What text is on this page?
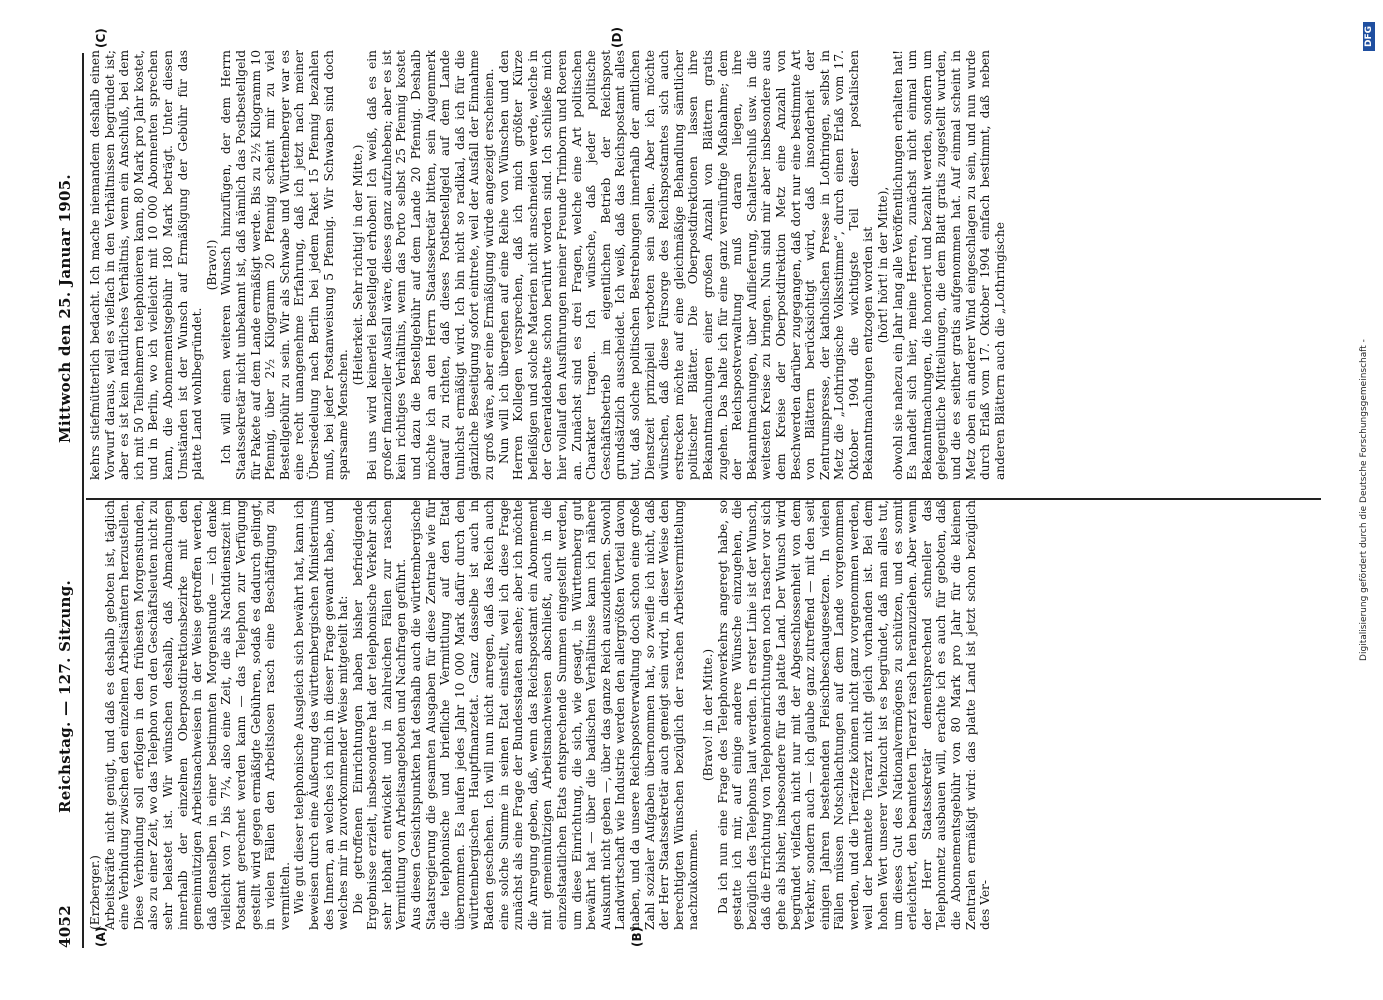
4052
Reichstag. — 127. Sitzung.
Mittwoch den 25. Januar 1905.
(A)	(B)
(C)	(D)

(Erzberger.) Arbeitskräfte nicht genügt, und daß es deshalb geboten ist, täglich eine Verbindung zwischen den einzelnen Arbeitsämtern herzustellen. Diese Verbindung soll erfolgen in den frühesten Morgenstunden, also zu einer Zeit, wo das Telephon von den Geschäftsleuten nicht zu sehr belastet ist. Wir wünschen deshalb, daß Abmachungen innerhalb der einzelnen Oberpostdirektionsbezirke mit den gemeinnützigen Arbeitsnachweisen in der Weise getroffen werden, daß denselben in einer bestimmten Morgenstunde — ich denke vielleicht von 7 bis 7¼, also eine Zeit, die als Nachtdienstzeit im Postamt gerechnet werden kann — das Telephon zur Verfügung gestellt wird gegen ermäßigte Gebühren, sodaß es dadurch gelingt, in vielen Fällen den Arbeitslosen rasch eine Beschäftigung zu vermitteln. Wie gut dieser telephonische Ausgleich sich bewährt hat, kann ich beweisen durch eine Äußerung des württembergischen Ministeriums des Innern, an welches ich mich in dieser Frage gewandt habe, und welches mir in zuvorkommender Weise mitgeteilt hat: Die getroffenen Einrichtungen haben bisher befriedigende Ergebnisse erzielt, insbesondere hat der telephonische Verkehr sich sehr lebhaft entwickelt und in zahlreichen Fällen zur raschen Vermittlung von Arbeitsangeboten und Nachfragen geführt. Aus diesen Gesichtspunkten hat deshalb auch die württembergische Staatsregierung die gesamten Ausgaben für diese Zentrale wie für die telephonische und briefliche Vermittlung auf den Etat übernommen. Es laufen jedes Jahr 10 000 Mark dafür durch den württembergischen Hauptfinanzetat. Ganz dasselbe ist auch in Baden geschehen. Ich will nun nicht anregen, daß das Reich auch eine solche Summe in seinen Etat einstellt, weil ich diese Frage zunächst als eine Frage der Bundesstaaten ansehe; aber ich möchte die Anregung geben, daß, wenn das Reichspostamt ein Abonnement mit gemeinnützigen Arbeitsnachweisen abschließt, auch in die einzelstaatlichen Etats entsprechende Summen eingestellt werden, um diese Einrichtung, die sich, wie gesagt, in Württemberg gut bewährt hat — über die badischen Verhältnisse kann ich nähere Auskunft nicht geben —, über das ganze Reich auszudehnen. Sowohl Landwirtschaft wie Industrie werden den allergrößten Vorteil davon haben, und da unsere Reichspostverwaltung doch schon eine große Zahl sozialer Aufgaben übernommen hat, so zweifle ich nicht, daß der Herr Staatssekretär auch geneigt sein wird, in dieser Weise den berechtigten Wünschen bezüglich der raschen Arbeitsvermittelung nachzukommen.

(Bravo! in der Mitte.) Da ich nun eine Frage des Telephonverkehrs angeregt habe, so gestatte ich mir, auf einige andere Wünsche einzugehen, die bezüglich des Telephons laut werden. In erster Linie ist der Wunsch, daß die Errichtung von Telephoneinrichtungen noch rascher vor sich gehe als bisher, insbesondere für das platte Land. Der Wunsch wird begründet vielfach nicht nur mit der Abgeschlossenheit von dem Verkehr, sondern auch — ich glaube ganz zutreffend — mit den seit einigen Jahren bestehenden Fleischbeschaugesetzen. In vielen Fällen müssen Notschlachtungen auf dem Lande vorgenommen werden, und die Tierärzte können nicht ganz vorgenommen werden, weil der beamtete Tierarzt nicht gleich vorhanden ist. Bei dem hohen Wert unserer Viehzucht ist es begründet, daß man alles tut, um dieses Gut des Nationalvermögens zu schützen, und es somit erleichtert, den beamteten Tierarzt rasch heranzuziehen. Aber wenn der Herr Staatssekretär dementsprechend schneller das Telephonnetz ausbauen will, erachte ich es auch für geboten, daß die Abonnementsgebühr von 80 Mark pro Jahr für die kleinen Zentralen ermäßigt wird: das platte Land ist jetzt schon bezüglich des Ver-

kehrs stiefmütterlich bedacht. Ich mache niemandem deshalb einen Vorwurf daraus, weil es vielfach in den Verhältnissen begründet ist; aber es ist kein natürliches Verhältnis, wenn ein Anschluß, bei dem ich mit 50 Teilnehmern telephonieren kann, 80 Mark pro Jahr kostet, und in Berlin, wo ich vielleicht mit 10 000 Abonnenten sprechen kann, die Abonnementsgebühr 180 Mark beträgt. Unter diesen Umständen ist der Wunsch auf Ermäßigung der Gebühr für das platte Land wohlbegründet.

(Bravo!) Ich will einen weiteren Wunsch hinzufügen, der dem Herrn Staatssekretär nicht unbekannt ist, daß nämlich das Postbestellgeld für Pakete auf dem Lande ermäßigt werde. Bis zu 2½ Kilogramm 10 Pfennig, über 2½ Kilogramm 20 Pfennig scheint mir zu viel Bestellgebühr zu sein. Wir als Schwabe und Württemberger war es eine recht unangenehme Erfahrung, daß ich jetzt nach meiner Übersiedelung nach Berlin bei jedem Paket 15 Pfennig bezahlen muß, bei jeder Postanweisung 5 Pfennig. Wir Schwaben sind doch sparsame Menschen.

(Heiterkeit. Sehr richtig! in der Mitte.) Bei uns wird keinerlei Bestellgeld erhoben! Ich weiß, daß es ein großer finanzieller Ausfall wäre, dieses ganz aufzuheben; aber es ist kein richtiges Verhältnis, wenn das Porto selbst 25 Pfennig kostet und dazu die Bestellgebühr auf dem Lande 20 Pfennig. Deshalb möchte ich an den Herrn Staatssekretär bitten, sein Augenmerk darauf zu richten, daß dieses Postbestellgeld auf dem Lande tunlichst ermäßigt wird. Ich bin nicht so radikal, daß ich für die gänzliche Beseitigung sofort eintrete, weil der Ausfall der Einnahme zu groß wäre, aber eine Ermäßigung würde angezeigt erscheinen. Nun will ich übergehen auf eine Reihe von Wünschen und den Herren Kollegen versprechen, daß ich mich größter Kürze befleißigen und solche Materien nicht anschneiden werde, welche in der Generaldebatte schon berührt worden sind. Ich schließe mich hier vollauf den Ausführungen meiner Freunde Trimborn und Roeren an. Zunächst sind es drei Fragen, welche eine Art politischen Charakter tragen. Ich wünsche, daß jeder politische Geschäftsbetrieb im eigentlichen Betrieb der Reichspost grundsätzlich ausscheidet. Ich weiß, daß das Reichspostamt alles tut, daß solche politischen Bestrebungen innerhalb der amtlichen Dienstzeit prinzipiell verboten sein sollen. Aber ich möchte wünschen, daß diese Fürsorge des Reichspostamtes sich auch erstrecken möchte auf eine gleichmäßige Behandlung sämtlicher politischer Blätter. Die Oberpostdirektionen lassen ihre Bekanntmachungen einer großen Anzahl von Blättern gratis zugehen. Das halte ich für eine ganz vernünftige Maßnahme; dem der Reichspostverwaltung muß daran liegen, ihre Bekanntmachungen, über Auflieferung, Schalterschluß usw. in die weitesten Kreise zu bringen. Nun sind mir aber insbesondere aus dem Kreise der Oberpostdirektion Metz eine Anzahl von Beschwerden darüber zugegangen, daß dort nur eine bestimmte Art von Blättern berücksichtigt wird, daß insonderheit der Zentrumspresse, der katholischen Presse in Lothringen, selbst in Metz die „Lothringische Volksstimme“, durch einen Erlaß vom 17. Oktober 1904 die wichtigste Teil dieser postalischen Bekanntmachungen entzogen worden ist (hört! hört! in der Mitte), obwohl sie nahezu ein Jahr lang alle Veröffentlichungen erhalten hat! Es handelt sich hier, meine Herren, zunächst nicht einmal um Bekanntmachungen, die honoriert und bezahlt werden, sondern um gelegentliche Mitteilungen, die dem Blatt gratis zugestellt wurden, und die es seither gratis aufgenommen hat. Auf einmal scheint in Metz oben ein anderer Wind eingeschlagen zu sein, und nun wurde durch Erlaß vom 17. Oktober 1904 einfach bestimmt, daß neben anderen Blättern auch die „Lothringische	Digitalisierung gefördert durch die Deutsche Forschungsgemeinschaft -
DFG
